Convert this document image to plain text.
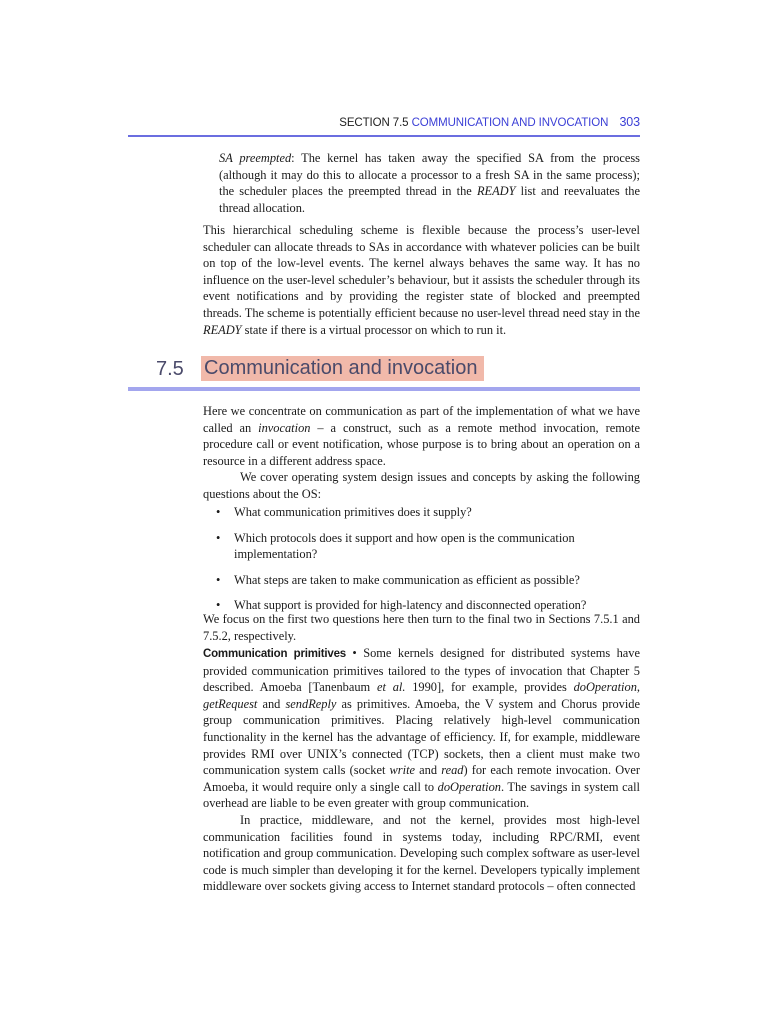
SECTION 7.5 COMMUNICATION AND INVOCATION 303

SA preempted: The kernel has taken away the specified SA from the process (although it may do this to allocate a processor to a fresh SA in the same process); the scheduler places the preempted thread in the READY list and reevaluates the thread allocation.

This hierarchical scheduling scheme is flexible because the process’s user-level scheduler can allocate threads to SAs in accordance with whatever policies can be built on top of the low-level events. The kernel always behaves the same way. It has no influence on the user-level scheduler’s behaviour, but it assists the scheduler through its event notifications and by providing the register state of blocked and preempted threads. The scheme is potentially efficient because no user-level thread need stay in the READY state if there is a virtual processor on which to run it.

7.5 Communication and invocation

Here we concentrate on communication as part of the implementation of what we have called an invocation – a construct, such as a remote method invocation, remote procedure call or event notification, whose purpose is to bring about an operation on a resource in a different address space.
We cover operating system design issues and concepts by asking the following questions about the OS:

• What communication primitives does it supply?
• Which protocols does it support and how open is the communication implementation?
• What steps are taken to make communication as efficient as possible?
• What support is provided for high-latency and disconnected operation?

We focus on the first two questions here then turn to the final two in Sections 7.5.1 and 7.5.2, respectively.

Communication primitives • Some kernels designed for distributed systems have provided communication primitives tailored to the types of invocation that Chapter 5 described. Amoeba [Tanenbaum et al. 1990], for example, provides doOperation, getRequest and sendReply as primitives. Amoeba, the V system and Chorus provide group communication primitives. Placing relatively high-level communication functionality in the kernel has the advantage of efficiency. If, for example, middleware provides RMI over UNIX’s connected (TCP) sockets, then a client must make two communication system calls (socket write and read) for each remote invocation. Over Amoeba, it would require only a single call to doOperation. The savings in system call overhead are liable to be even greater with group communication.
In practice, middleware, and not the kernel, provides most high-level communication facilities found in systems today, including RPC/RMI, event notification and group communication. Developing such complex software as user-level code is much simpler than developing it for the kernel. Developers typically implement middleware over sockets giving access to Internet standard protocols – often connected
